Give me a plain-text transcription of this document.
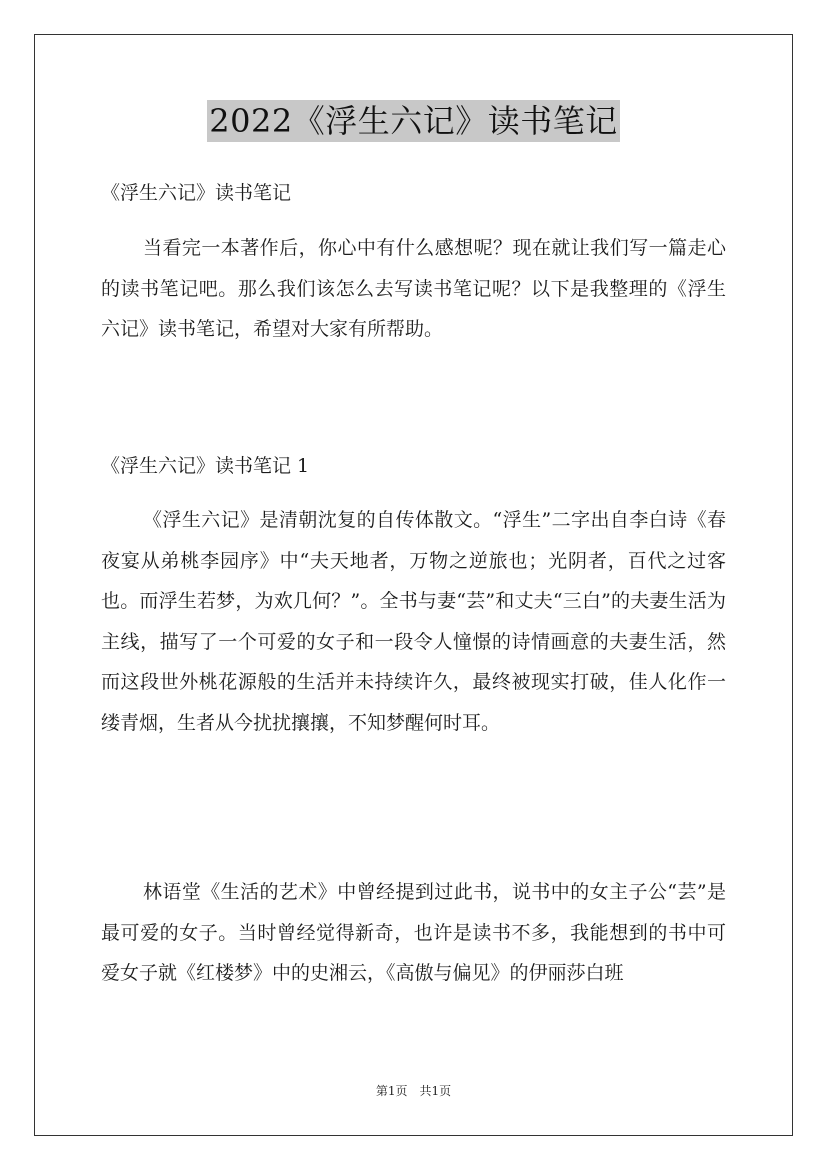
2022《浮生六记》读书笔记
《浮生六记》读书笔记

当看完一本著作后，你心中有什么感想呢？现在就让我们写一篇走心的读书笔记吧。那么我们该怎么去写读书笔记呢？以下是我整理的《浮生六记》读书笔记，希望对大家有所帮助。

《浮生六记》读书笔记 1

《浮生六记》是清朝沈复的自传体散文。“浮生”二字出自李白诗《春夜宴从弟桃李园序》中“夫天地者，万物之逆旅也；光阴者，百代之过客也。而浮生若梦，为欢几何？”。全书与妻“芸”和丈夫“三白”的夫妻生活为主线，描写了一个可爱的女子和一段令人憧憬的诗情画意的夫妻生活，然而这段世外桃花源般的生活并未持续许久，最终被现实打破，佳人化作一缕青烟，生者从今扰扰攘攘，不知梦醒何时耳。

林语堂《生活的艺术》中曾经提到过此书，说书中的女主子公“芸”是最可爱的女子。当时曾经觉得新奇，也许是读书不多，我能想到的书中可爱女子就《红楼梦》中的史湘云，《高傲与偏见》的伊丽莎白班

第1页　共1页
